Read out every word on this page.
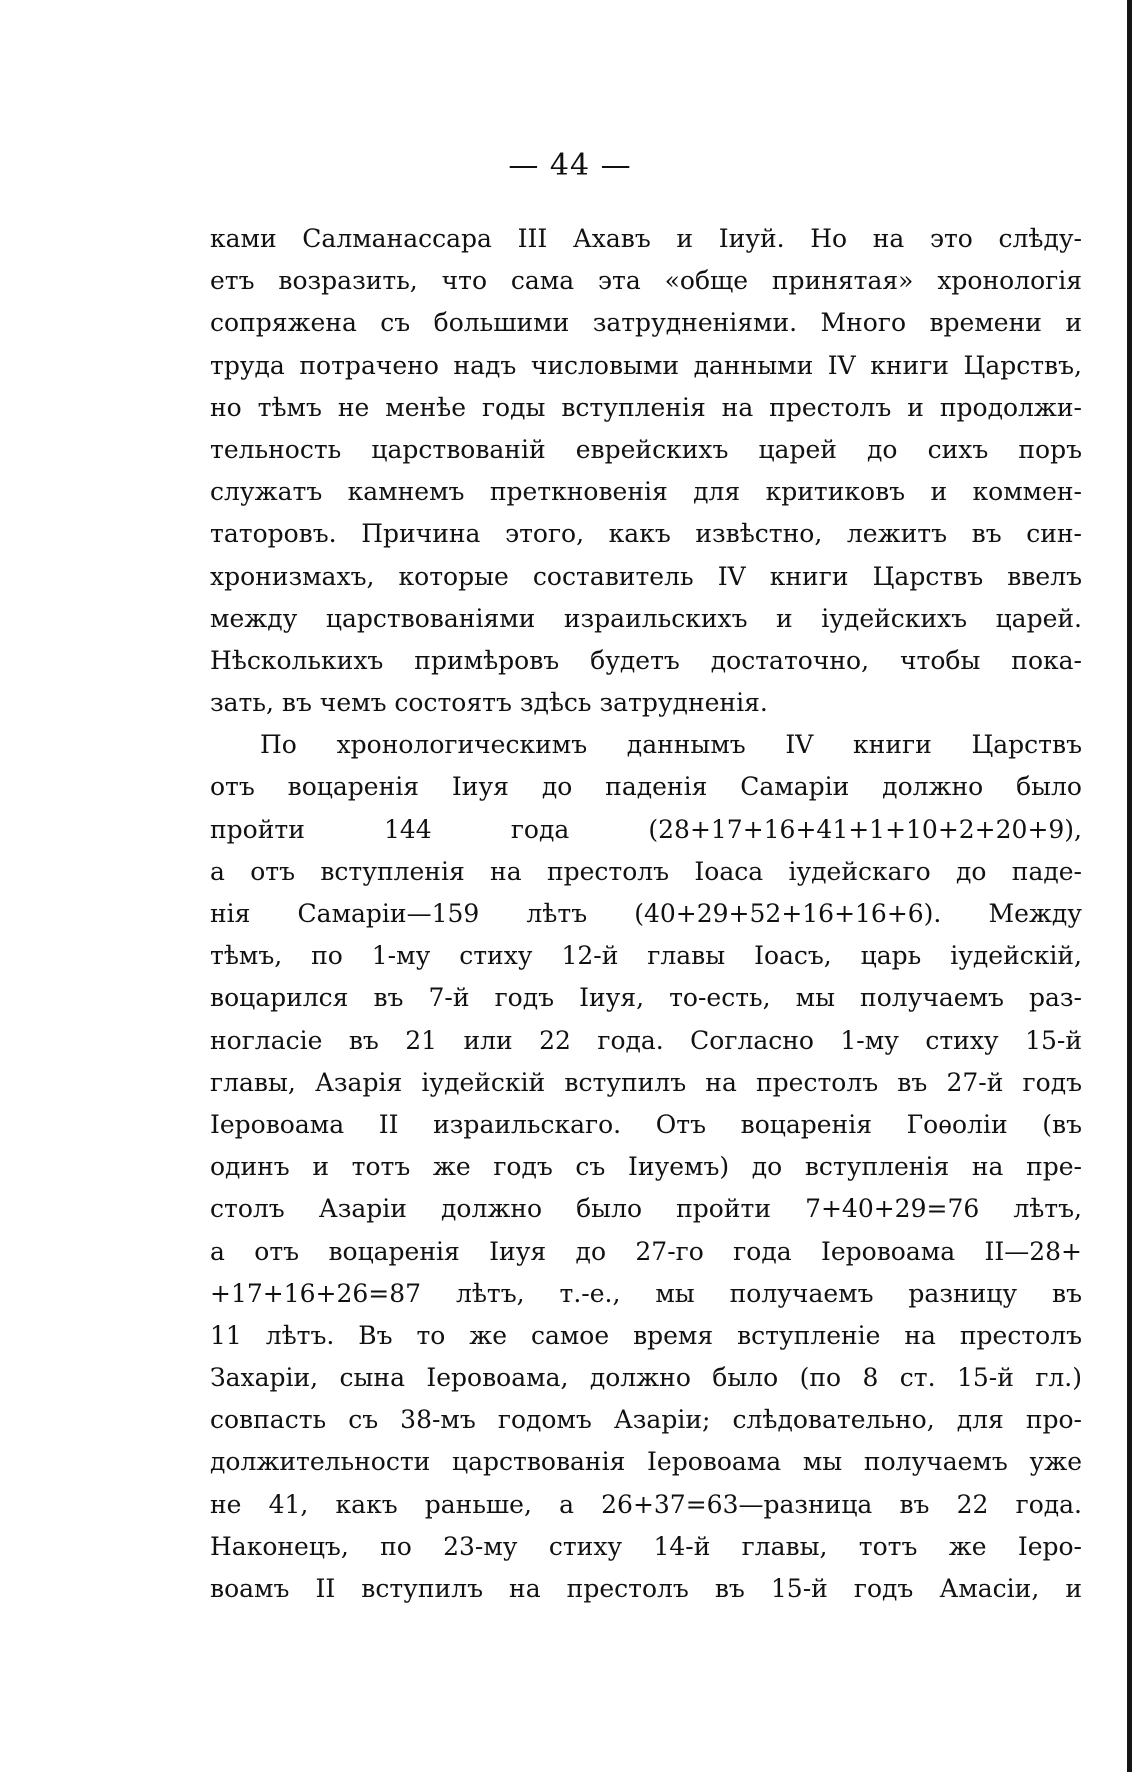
— 44 —
ками Салманассара III Ахавъ и Іиуй. Но на это слѣду-
етъ возразить, что сама эта «обще принятая» хронологія
сопряжена съ большими затрудненіями. Много времени и
труда потрачено надъ числовыми данными IV книги Царствъ,
но тѣмъ не менѣе годы вступленія на престолъ и продолжи-
тельность царствованій еврейскихъ царей до сихъ поръ
служатъ камнемъ преткновенія для критиковъ и коммен-
таторовъ. Причина этого, какъ извѣстно, лежитъ въ син-
хронизмахъ, которые составитель IV книги Царствъ ввелъ
между царствованіями израильскихъ и іудейскихъ царей.
Нѣсколькихъ примѣровъ будетъ достаточно, чтобы пока-
зать, въ чемъ состоятъ здѣсь затрудненія.
По хронологическимъ даннымъ IV книги Царствъ
отъ воцаренія Іиуя до паденія Самаріи должно было
пройти 144 года (28+17+16+41+1+10+2+20+9),
а отъ вступленія на престолъ Іоаса іудейскаго до паде-
нія Самаріи—159 лѣтъ (40+29+52+16+16+6). Между
тѣмъ, по 1-му стиху 12-й главы Іоасъ, царь іудейскій,
воцарился въ 7-й годъ Іиуя, то-есть, мы получаемъ раз-
ногласіе въ 21 или 22 года. Согласно 1-му стиху 15-й
главы, Азарія іудейскій вступилъ на престолъ въ 27-й годъ
Іеровоама II израильскаго. Отъ воцаренія Гоѳоліи (въ
одинъ и тотъ же годъ съ Іиуемъ) до вступленія на пре-
столъ Азаріи должно было пройти 7+40+29=76 лѣтъ,
а отъ воцаренія Іиуя до 27-го года Іеровоама II—28+
+17+16+26=87 лѣтъ, т.-е., мы получаемъ разницу въ
11 лѣтъ. Въ то же самое время вступленіе на престолъ
Захаріи, сына Іеровоама, должно было (по 8 ст. 15-й гл.)
совпасть съ 38-мъ годомъ Азаріи; слѣдовательно, для про-
должительности царствованія Іеровоама мы получаемъ уже
не 41, какъ раньше, а 26+37=63—разница въ 22 года.
Наконецъ, по 23-му стиху 14-й главы, тотъ же Іеро-
воамъ II вступилъ на престолъ въ 15-й годъ Амасіи, и
